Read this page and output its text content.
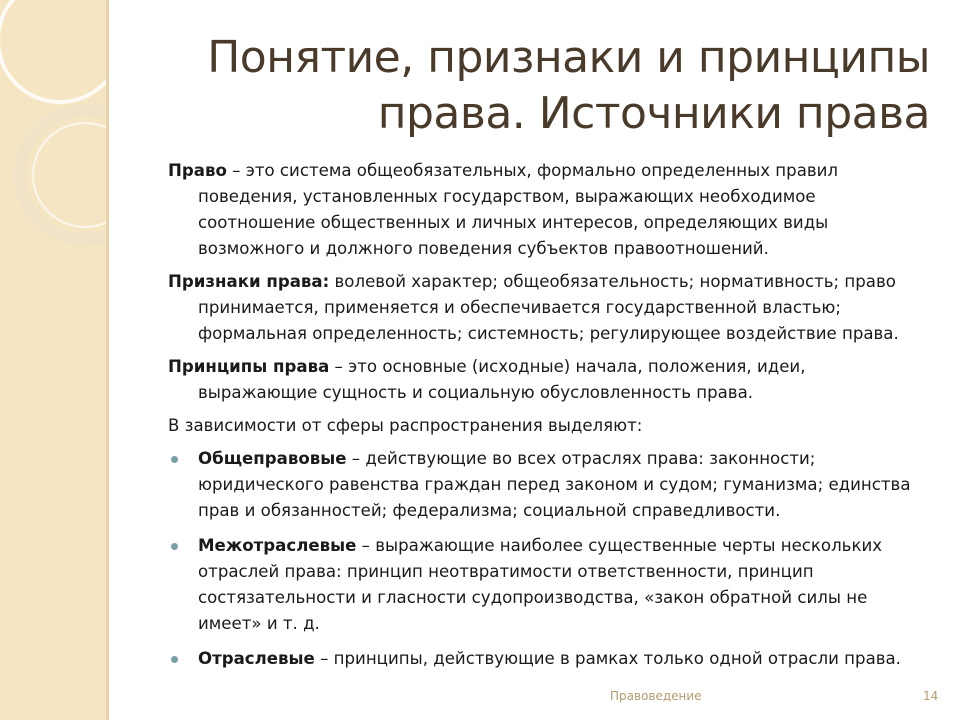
Понятие, признаки и принципы права. Источники права

Право – это система общеобязательных, формально определенных правил поведения, установленных государством, выражающих необходимое соотношение общественных и личных интересов, определяющих виды возможного и должного поведения субъектов правоотношений.

Признаки права: волевой характер; общеобязательность; нормативность; право принимается, применяется и обеспечивается государственной властью; формальная определенность; системность; регулирующее воздействие права.

Принципы права – это основные (исходные) начала, положения, идеи, выражающие сущность и социальную обусловленность права.

В зависимости от сферы распространения выделяют:

Общеправовые – действующие во всех отраслях права: законности; юридического равенства граждан перед законом и судом; гуманизма; единства прав и обязанностей; федерализма; социальной справедливости.
Межотраслевые – выражающие наиболее существенные черты нескольких отраслей права: принцип неотвратимости ответственности, принцип состязательности и гласности судопроизводства, «закон обратной силы не имеет» и т. д.
Отраслевые – принципы, действующие в рамках только одной отрасли права.
Правоведение	14
